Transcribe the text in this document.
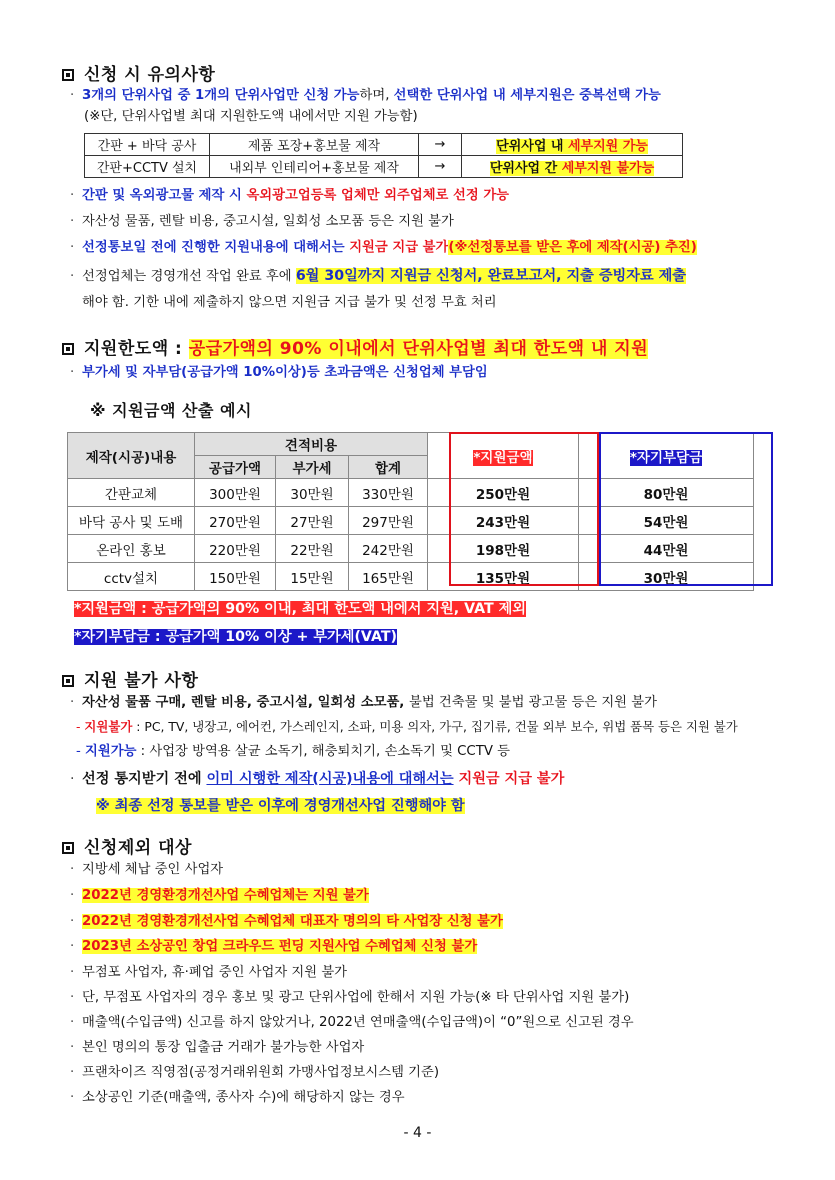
신청 시 유의사항
· 3개의 단위사업 중 1개의 단위사업만 신청 가능하며, 선택한 단위사업 내 세부지원은 중복선택 가능
(※단, 단위사업별 최대 지원한도액 내에서만 지원 가능함)
간판 + 바닥 공사	제품 포장+홍보물 제작	→	단위사업 내 세부지원 가능
간판+CCTV 설치	내외부 인테리어+홍보물 제작	→	단위사업 간 세부지원 불가능
· 간판 및 옥외광고물 제작 시 옥외광고업등록 업체만 외주업체로 선정 가능
· 자산성 물품, 렌탈 비용, 중고시설, 일회성 소모품 등은 지원 불가
· 선정통보일 전에 진행한 지원내용에 대해서는 지원금 지급 불가(※선정통보를 받은 후에 제작(시공) 추진)
· 선정업체는 경영개선 작업 완료 후에 6월 30일까지 지원금 신청서, 완료보고서, 지출 증빙자료 제출
해야 함. 기한 내에 제출하지 않으면 지원금 지급 불가 및 선정 무효 처리
지원한도액 : 공급가액의 90% 이내에서 단위사업별 최대 한도액 내 지원
· 부가세 및 자부담(공급가액 10%이상)등 초과금액은 신청업체 부담임
※ 지원금액 산출 예시
제작(시공)내용	견적비용			*지원금액	*자기부담금
	공급가액	부가세	합계		
간판교체	300만원	30만원	330만원	250만원	80만원
바닥 공사 및 도배	270만원	27만원	297만원	243만원	54만원
온라인 홍보	220만원	22만원	242만원	198만원	44만원
cctv설치	150만원	15만원	165만원	135만원	30만원
*지원금액 : 공급가액의 90% 이내, 최대 한도액 내에서 지원, VAT 제외
*자기부담금 : 공급가액 10% 이상 + 부가세(VAT)
지원 불가 사항
· 자산성 물품 구매, 렌탈 비용, 중고시설, 일회성 소모품, 불법 건축물 및 불법 광고물 등은 지원 불가
- 지원불가 : PC, TV, 냉장고, 에어컨, 가스레인지, 소파, 미용 의자, 가구, 집기류, 건물 외부 보수, 위법 품목 등은 지원 불가
- 지원가능 : 사업장 방역용 살균 소독기, 해충퇴치기, 손소독기 및 CCTV 등
· 선정 통지받기 전에 이미 시행한 제작(시공)내용에 대해서는 지원금 지급 불가
※ 최종 선정 통보를 받은 이후에 경영개선사업 진행해야 함
신청제외 대상
· 지방세 체납 중인 사업자
· 2022년 경영환경개선사업 수혜업체는 지원 불가
· 2022년 경영환경개선사업 수혜업체 대표자 명의의 타 사업장 신청 불가
· 2023년 소상공인 창업 크라우드 펀딩 지원사업 수혜업체 신청 불가
· 무점포 사업자, 휴·폐업 중인 사업자 지원 불가
· 단, 무점포 사업자의 경우 홍보 및 광고 단위사업에 한해서 지원 가능(※ 타 단위사업 지원 불가)
· 매출액(수입금액) 신고를 하지 않았거나, 2022년 연매출액(수입금액)이 “0”원으로 신고된 경우
· 본인 명의의 통장 입출금 거래가 불가능한 사업자
· 프랜차이즈 직영점(공정거래위원회 가맹사업정보시스템 기준)
· 소상공인 기준(매출액, 종사자 수)에 해당하지 않는 경우
- 4 -
